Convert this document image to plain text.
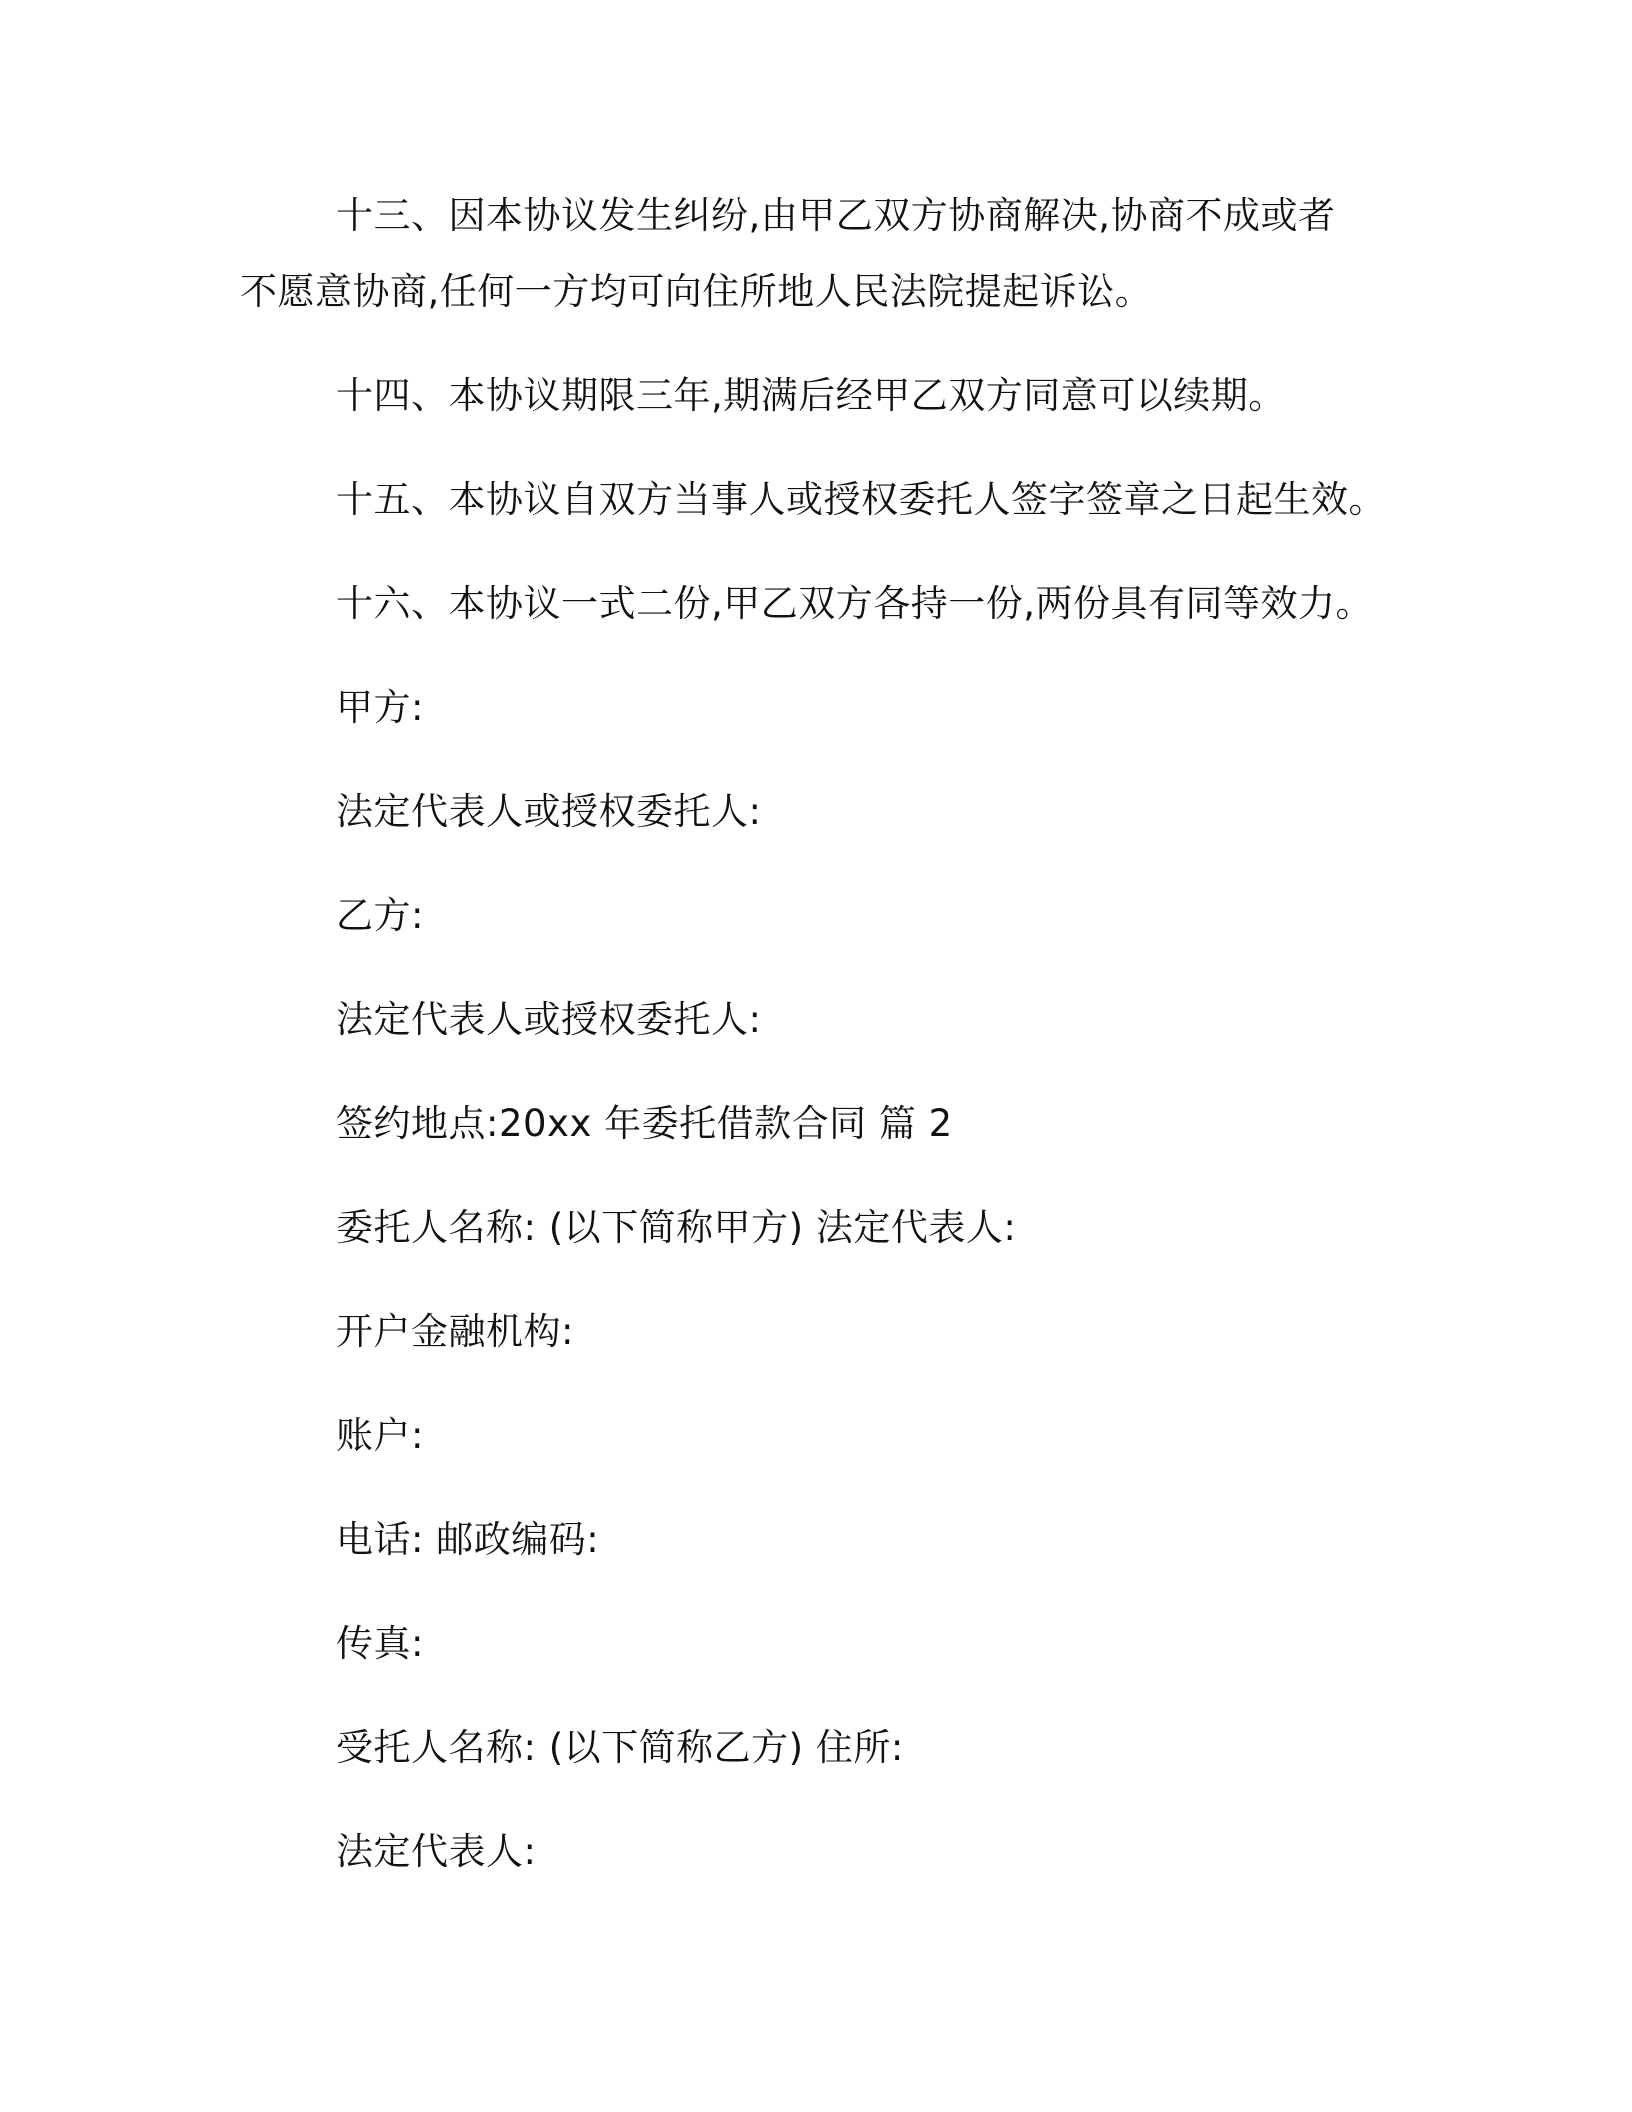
十三、因本协议发生纠纷,由甲乙双方协商解决,协商不成或者不愿意协商,任何一方均可向住所地人民法院提起诉讼。

十四、本协议期限三年,期满后经甲乙双方同意可以续期。

十五、本协议自双方当事人或授权委托人签字签章之日起生效。

十六、本协议一式二份,甲乙双方各持一份,两份具有同等效力。

甲方:

法定代表人或授权委托人:

乙方:

法定代表人或授权委托人:

签约地点:20xx 年委托借款合同 篇 2

委托人名称: (以下简称甲方) 法定代表人:

开户金融机构:

账户:

电话: 邮政编码:

传真:

受托人名称: (以下简称乙方) 住所:

法定代表人:
